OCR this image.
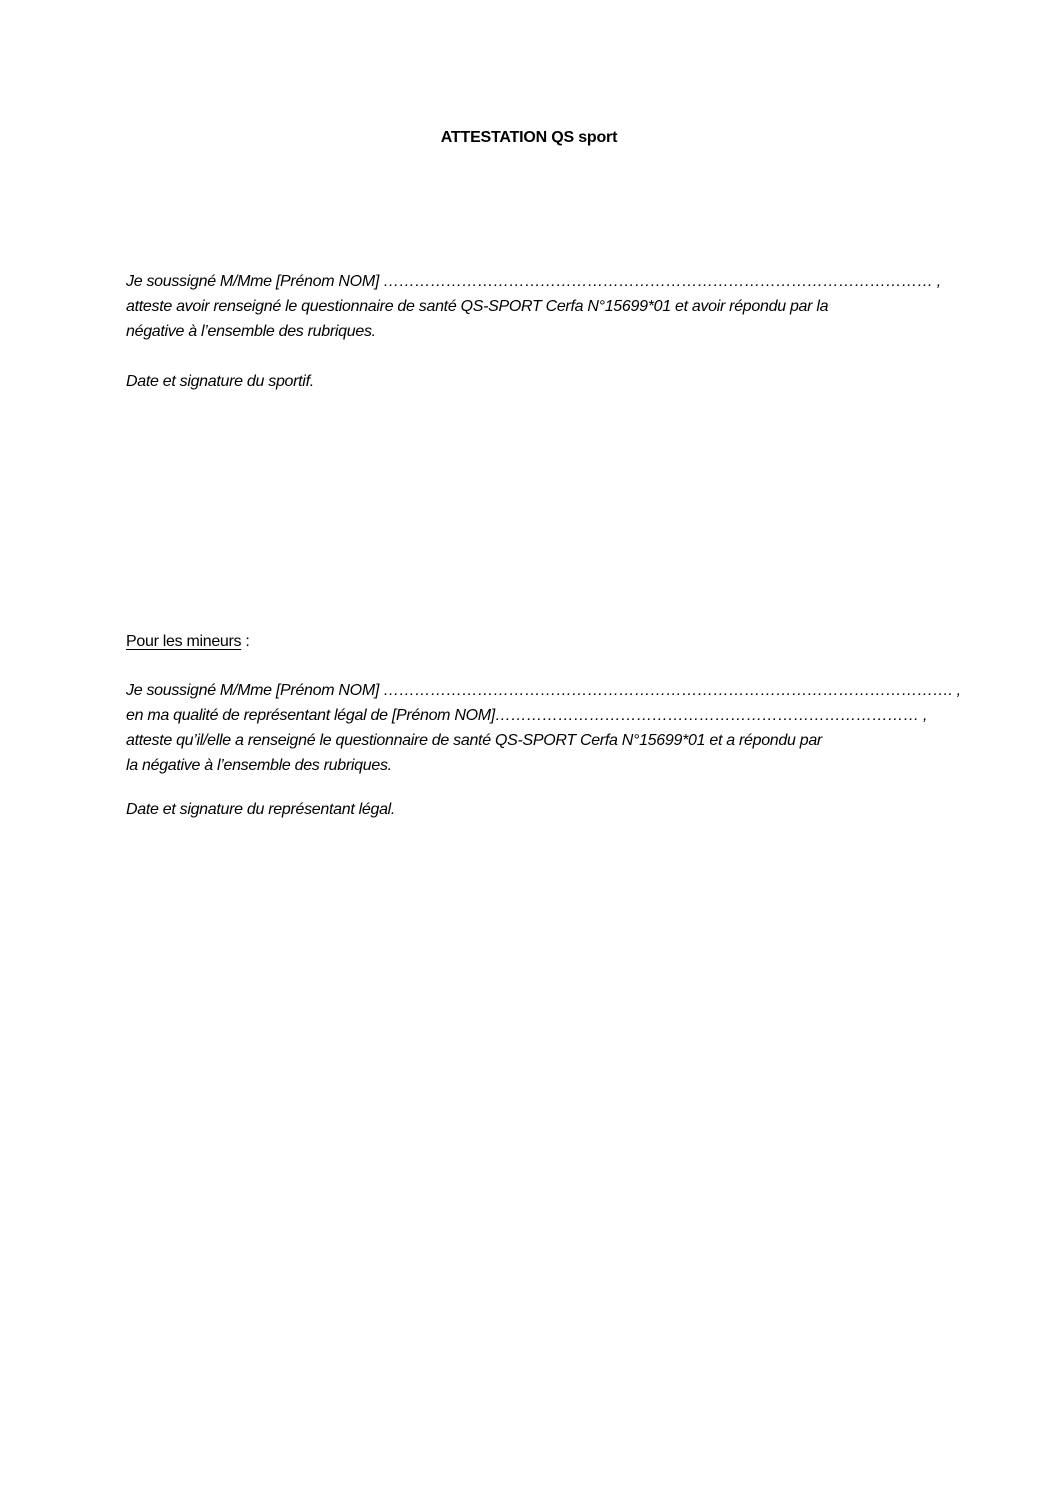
ATTESTATION QS sport
Je soussigné M/Mme [Prénom NOM] …………………………………………………………………………………………… ,
atteste avoir renseigné le questionnaire de santé QS-SPORT Cerfa N°15699*01 et avoir répondu par la
négative à l’ensemble des rubriques.
Date et signature du sportif.
Pour les mineurs :
Je soussigné M/Mme [Prénom NOM] ………………………………………………………………………………………………. ,
en ma qualité de représentant légal de [Prénom NOM]……………………………………………………………………… ,
atteste qu’il/elle a renseigné le questionnaire de santé QS-SPORT Cerfa N°15699*01 et a répondu par
la négative à l’ensemble des rubriques.
Date et signature du représentant légal.
